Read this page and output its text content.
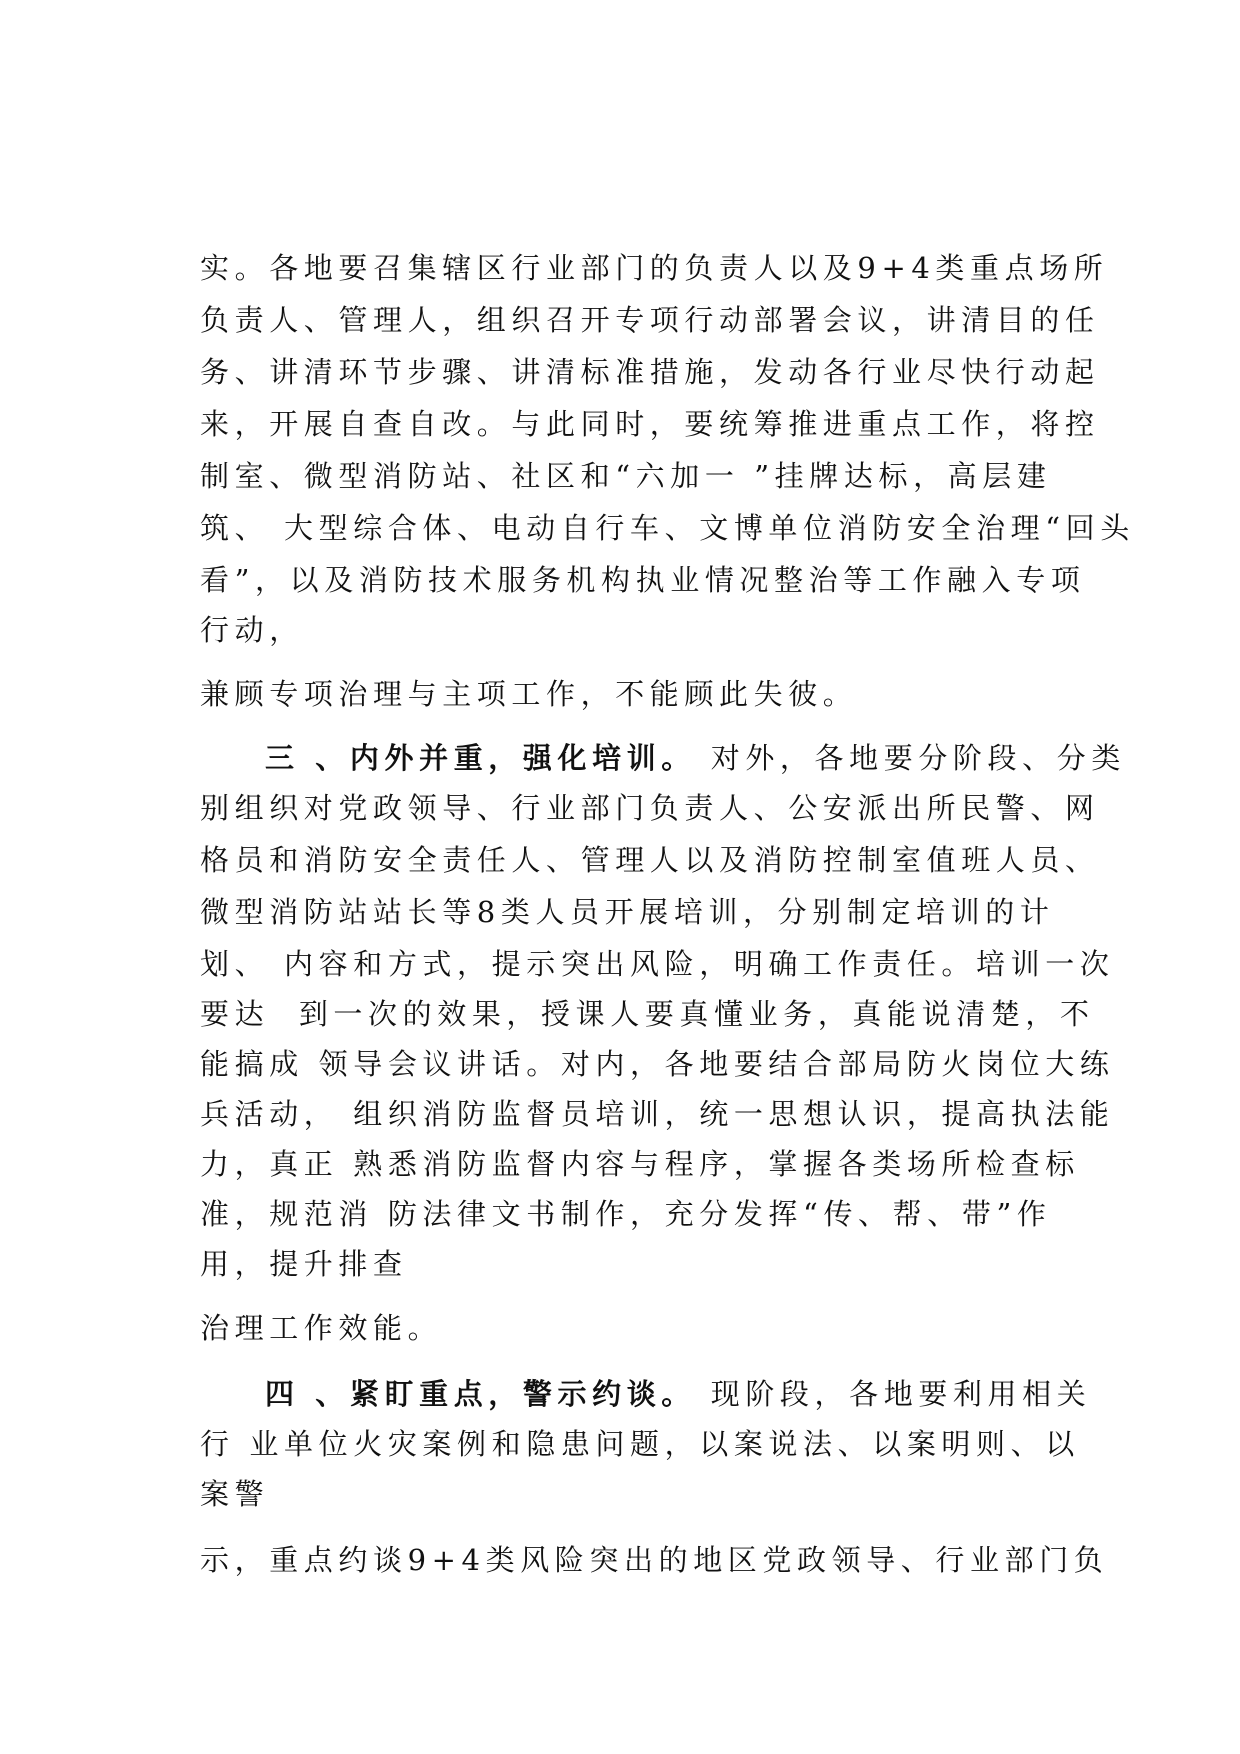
实。各地要召集辖区行业部门的负责人以及9+4类重点场所
负责人、管理人，组织召开专项行动部署会议，讲清目的任
务、讲清环节步骤、讲清标准措施，发动各行业尽快行动起
来，开展自查自改。与此同时，要统筹推进重点工作，将控
制室、微型消防站、社区和“六加一 ”挂牌达标，高层建
筑、 大型综合体、电动自行车、文博单位消防安全治理“回头
看”，以及消防技术服务机构执业情况整治等工作融入专项
行动，
兼顾专项治理与主项工作，不能顾此失彼。
三 、内外并重，强化培训。 对外，各地要分阶段、分类
别组织对党政领导、行业部门负责人、公安派出所民警、网
格员和消防安全责任人、管理人以及消防控制室值班人员、
微型消防站站长等8类人员开展培训，分别制定培训的计
划、 内容和方式，提示突出风险，明确工作责任。培训一次
要达  到一次的效果，授课人要真懂业务，真能说清楚，不
能搞成 领导会议讲话。对内，各地要结合部局防火岗位大练
兵活动， 组织消防监督员培训，统一思想认识，提高执法能
力，真正 熟悉消防监督内容与程序，掌握各类场所检查标
准，规范消 防法律文书制作，充分发挥“传、帮、带”作
用，提升排查
治理工作效能。
四 、紧盯重点，警示约谈。 现阶段，各地要利用相关
行 业单位火灾案例和隐患问题，以案说法、以案明则、以
案警
示，重点约谈9+4类风险突出的地区党政领导、行业部门负
